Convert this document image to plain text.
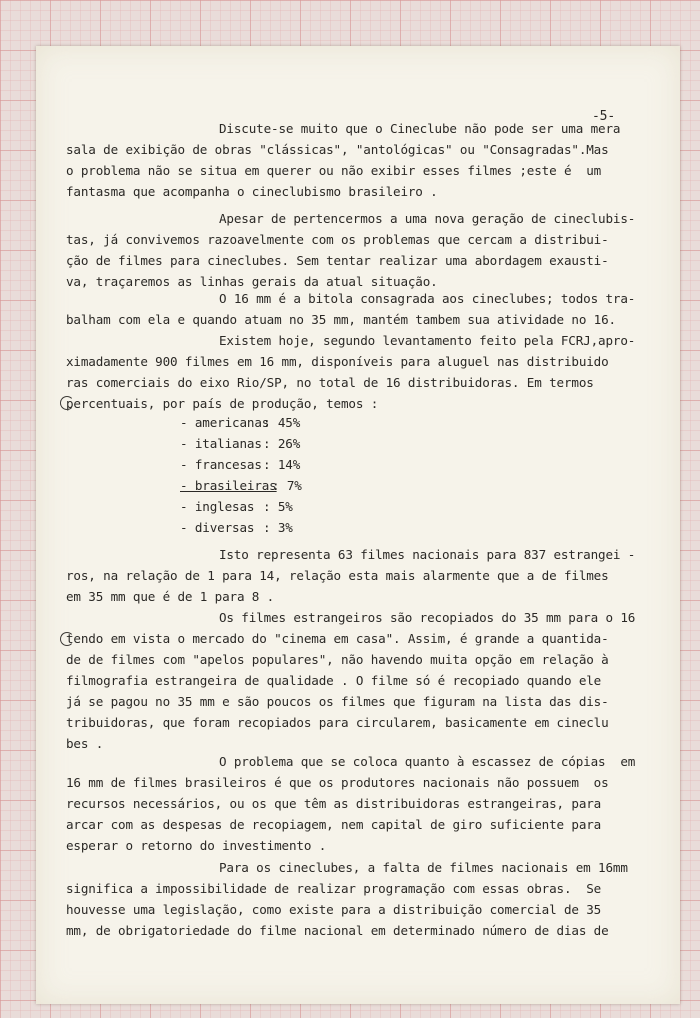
-5-
Discute-se muito que o Cineclube não pode ser uma mera
sala de exibição de obras "clássicas", "antológicas" ou "Consagradas".Mas
o problema não se situa em querer ou não exibir esses filmes ;este é  um
fantasma que acompanha o cineclubismo brasileiro .
Apesar de pertencermos a uma nova geração de cineclubis-
tas, já convivemos razoavelmente com os problemas que cercam a distribui-
ção de filmes para cineclubes. Sem tentar realizar uma abordagem exausti-
va, traçaremos as linhas gerais da atual situação.
O 16 mm é a bitola consagrada aos cineclubes; todos tra-
balham com ela e quando atuam no 35 mm, mantém tambem sua atividade no 16.
Existem hoje, segundo levantamento feito pela FCRJ,apro-
ximadamente 900 filmes em 16 mm, disponíveis para aluguel nas distribuido
ras comerciais do eixo Rio/SP, no total de 16 distribuidoras. Em termos
percentuais, por país de produção, temos :
- americanas
: 45%
- italianas : 26%
- francesas : 14%
- brasileiras
: 7%
- inglesas : 5%
- diversas : 3%
Isto representa 63 filmes nacionais para 837 estrangei -
ros, na relação de 1 para 14, relação esta mais alarmente que a de filmes
em 35 mm que é de 1 para 8 .
Os filmes estrangeiros são recopiados do 35 mm para o 16
tendo em vista o mercado do "cinema em casa". Assim, é grande a quantida-
de de filmes com "apelos populares", não havendo muita opção em relação à
filmografia estrangeira de qualidade . O filme só é recopiado quando ele
já se pagou no 35 mm e são poucos os filmes que figuram na lista das dis-
tribuidoras, que foram recopiados para circularem, basicamente em cineclu
bes .
O problema que se coloca quanto à escassez de cópias  em
16 mm de filmes brasileiros é que os produtores nacionais não possuem  os
recursos necessários, ou os que têm as distribuidoras estrangeiras, para
arcar com as despesas de recopiagem, nem capital de giro suficiente para
esperar o retorno do investimento .
Para os cineclubes, a falta de filmes nacionais em 16mm
significa a impossibilidade de realizar programação com essas obras.  Se
houvesse uma legislação, como existe para a distribuição comercial de 35
mm, de obrigatoriedade do filme nacional em determinado número de dias de
